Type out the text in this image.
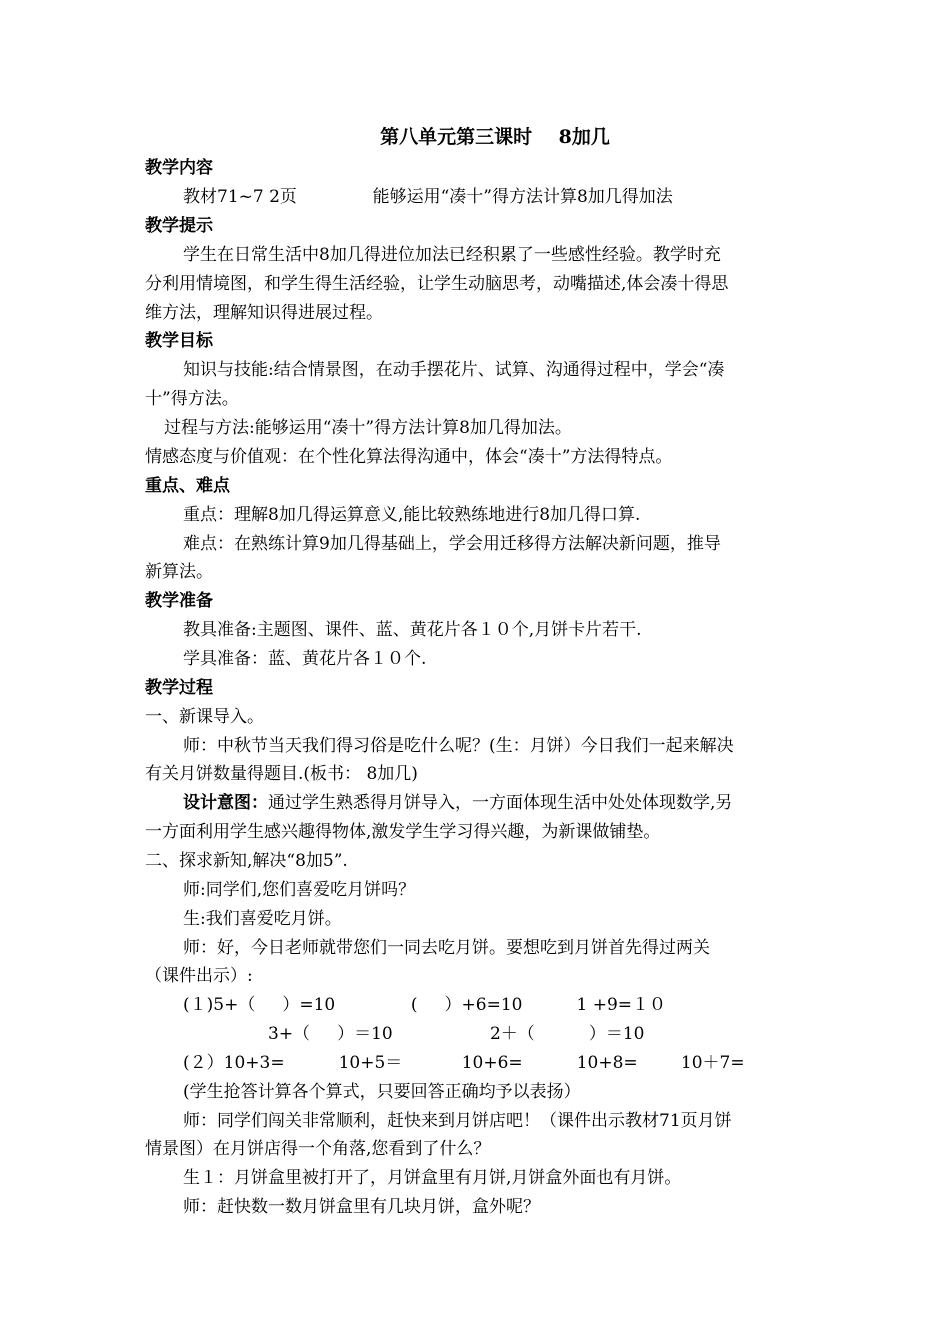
第八单元第三课时    8加几
教学内容
教材71~7 2页              能够运用“凑十”得方法计算8加几得加法
教学提示
学生在日常生活中8加几得进位加法已经积累了一些感性经验。教学时充
分利用情境图，和学生得生活经验，让学生动脑思考，动嘴描述,体会凑十得思
维方法，理解知识得进展过程。
教学目标
知识与技能:结合情景图，在动手摆花片、试算、沟通得过程中，学会“凑
十”得方法。
过程与方法:能够运用“凑十”得方法计算8加几得加法。
情感态度与价值观：在个性化算法得沟通中，体会“凑十”方法得特点。
重点、难点
重点：理解8加几得运算意义,能比较熟练地进行8加几得口算.
难点：在熟练计算9加几得基础上，学会用迁移得方法解决新问题，推导
新算法。
教学准备
教具准备:主题图、课件、蓝、黄花片各１０个,月饼卡片若干.
学具准备：蓝、黄花片各１０个.
教学过程
一、新课导入。
师：中秋节当天我们得习俗是吃什么呢？(生：月饼）今日我们一起来解决
有关月饼数量得题目.(板书： 8加几)
设计意图：通过学生熟悉得月饼导入，一方面体现生活中处处体现数学,另
一方面利用学生感兴趣得物体,激发学生学习得兴趣，为新课做铺垫。
二、探求新知,解决“8加5”.
师:同学们,您们喜爱吃月饼吗？
生:我们喜爱吃月饼。
师：好，今日老师就带您们一同去吃月饼。要想吃到月饼首先得过两关
（课件出示）:
(１)5+（     ）=10              (     ）+6=10          1 +9=１０
3+（     ）＝10                  2＋（          ）＝10
(２）10+3=          10+5＝           10+6=          10+8=        10＋7=
(学生抢答计算各个算式，只要回答正确均予以表扬）
师：同学们闯关非常顺利，赶快来到月饼店吧！（课件出示教材71页月饼
情景图）在月饼店得一个角落,您看到了什么？
生１：月饼盒里被打开了，月饼盒里有月饼,月饼盒外面也有月饼。
师：赶快数一数月饼盒里有几块月饼，盒外呢？
